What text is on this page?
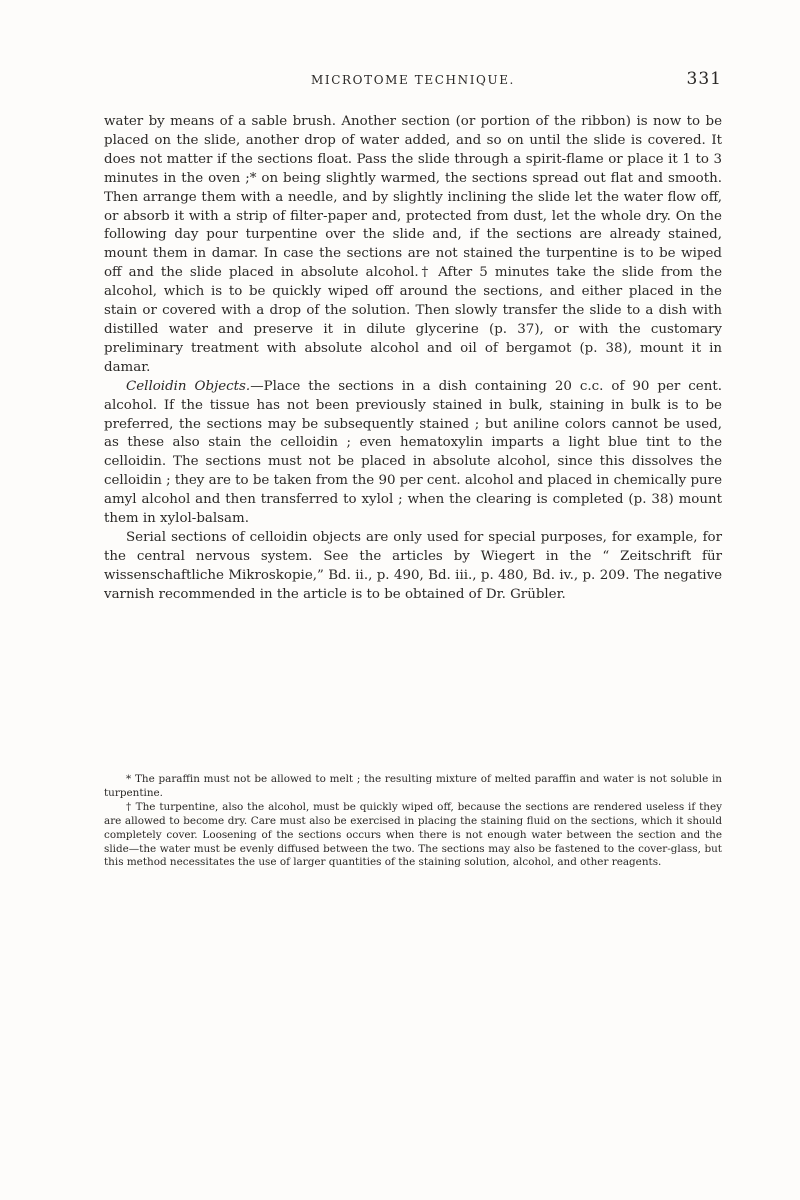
MICROTOME TECHNIQUE.	331

water by means of a sable brush. Another section (or portion of the ribbon) is now to be placed on the slide, another drop of water added, and so on until the slide is covered. It does not matter if the sections float. Pass the slide through a spirit-flame or place it 1 to 3 minutes in the oven ;* on being slightly warmed, the sections spread out flat and smooth. Then arrange them with a needle, and by slightly inclining the slide let the water flow off, or absorb it with a strip of filter-paper and, protected from dust, let the whole dry. On the following day pour turpentine over the slide and, if the sections are already stained, mount them in damar. In case the sections are not stained the turpentine is to be wiped off and the slide placed in absolute alcohol.† After 5 minutes take the slide from the alcohol, which is to be quickly wiped off around the sections, and either placed in the stain or covered with a drop of the solution. Then slowly transfer the slide to a dish with distilled water and preserve it in dilute glycerine (p. 37), or with the customary preliminary treatment with absolute alcohol and oil of bergamot (p. 38), mount it in damar.

Celloidin Objects.—Place the sections in a dish containing 20 c.c. of 90 per cent. alcohol. If the tissue has not been previously stained in bulk, staining in bulk is to be preferred, the sections may be subsequently stained ; but aniline colors cannot be used, as these also stain the celloidin ; even hematoxylin imparts a light blue tint to the celloidin. The sections must not be placed in absolute alcohol, since this dissolves the celloidin ; they are to be taken from the 90 per cent. alcohol and placed in chemically pure amyl alcohol and then transferred to xylol ; when the clearing is completed (p. 38) mount them in xylol-balsam.

Serial sections of celloidin objects are only used for special purposes, for example, for the central nervous system. See the articles by Wiegert in the “ Zeitschrift für wissenschaftliche Mikroskopie,” Bd. ii., p. 490, Bd. iii., p. 480, Bd. iv., p. 209. The negative varnish recommended in the article is to be obtained of Dr. Grübler.

* The paraffin must not be allowed to melt ; the resulting mixture of melted paraffin and water is not soluble in turpentine.

† The turpentine, also the alcohol, must be quickly wiped off, because the sections are rendered useless if they are allowed to become dry. Care must also be exercised in placing the staining fluid on the sections, which it should completely cover. Loosening of the sections occurs when there is not enough water between the section and the slide—the water must be evenly diffused between the two. The sections may also be fastened to the cover-glass, but this method necessitates the use of larger quantities of the staining solution, alcohol, and other reagents.
